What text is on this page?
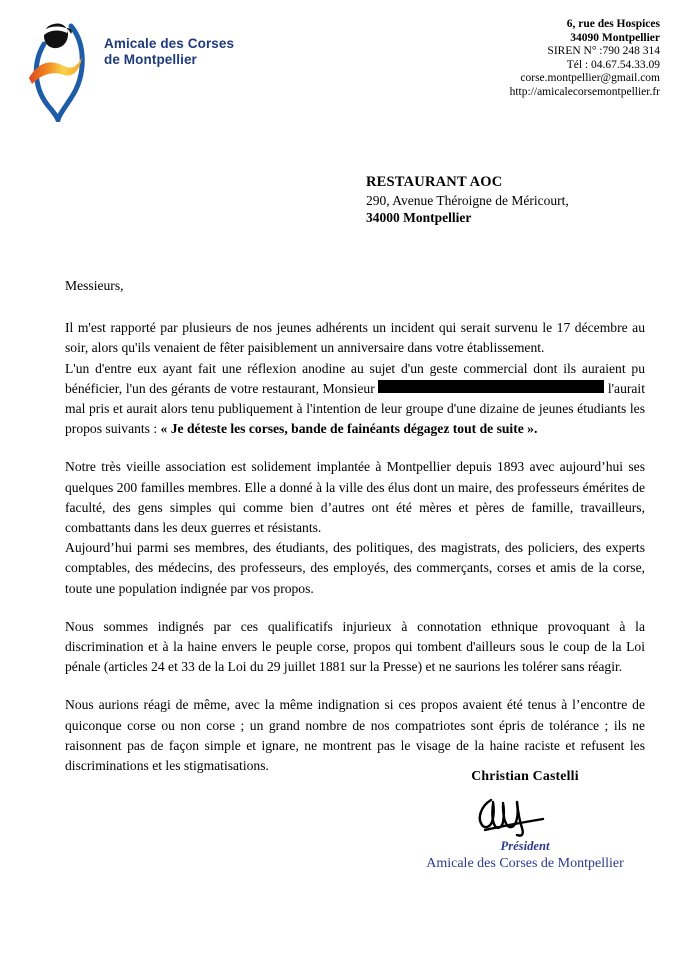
Amicale des Corses
de Montpellier
6, rue des Hospices
34090 Montpellier
SIREN N° :790 248 314
Tél : 04.67.54.33.09
corse.montpellier@gmail.com
http://amicalecorsemontpellier.fr
RESTAURANT AOC
290, Avenue Théroigne de Méricourt,
34000 Montpellier

Messieurs,

Il m'est rapporté par plusieurs de nos jeunes adhérents un incident qui serait survenu le 17 décembre au soir, alors qu'ils venaient de fêter paisiblement un anniversaire dans votre établissement.

L'un d'entre eux ayant fait une réflexion anodine au sujet d'un geste commercial dont ils auraient pu bénéficier, l'un des gérants de votre restaurant, Monsieur	l'aurait mal pris et aurait alors tenu publiquement à l'intention de leur groupe d'une dizaine de jeunes étudiants les propos suivants : « Je déteste les corses, bande de fainéants dégagez tout de suite ».

Notre très vieille association est solidement implantée à Montpellier depuis 1893 avec aujourd’hui ses quelques 200 familles membres. Elle a donné à la ville des élus dont un maire, des professeurs émérites de faculté, des gens simples qui comme bien d’autres ont été mères et pères de famille, travailleurs, combattants dans les deux guerres et résistants.

Aujourd’hui parmi ses membres, des étudiants, des politiques, des magistrats, des policiers, des experts comptables, des médecins, des professeurs, des employés, des commerçants, corses et amis de la corse, toute une population indignée par vos propos.

Nous sommes indignés par ces qualificatifs injurieux à connotation ethnique provoquant à la discrimination et à la haine envers le peuple corse, propos qui tombent d'ailleurs sous le coup de la Loi pénale (articles 24 et 33 de la Loi du 29 juillet 1881 sur la Presse) et ne saurions les tolérer sans réagir.

Nous aurions réagi de même, avec la même indignation si ces propos avaient été tenus à l’encontre de quiconque corse ou non corse ; un grand nombre de nos compatriotes sont épris de tolérance ; ils ne raisonnent pas de façon simple et ignare, ne montrent pas le visage de la haine raciste et refusent les discriminations et les stigmatisations.

Christian Castelli
Président
Amicale des Corses de Montpellier
